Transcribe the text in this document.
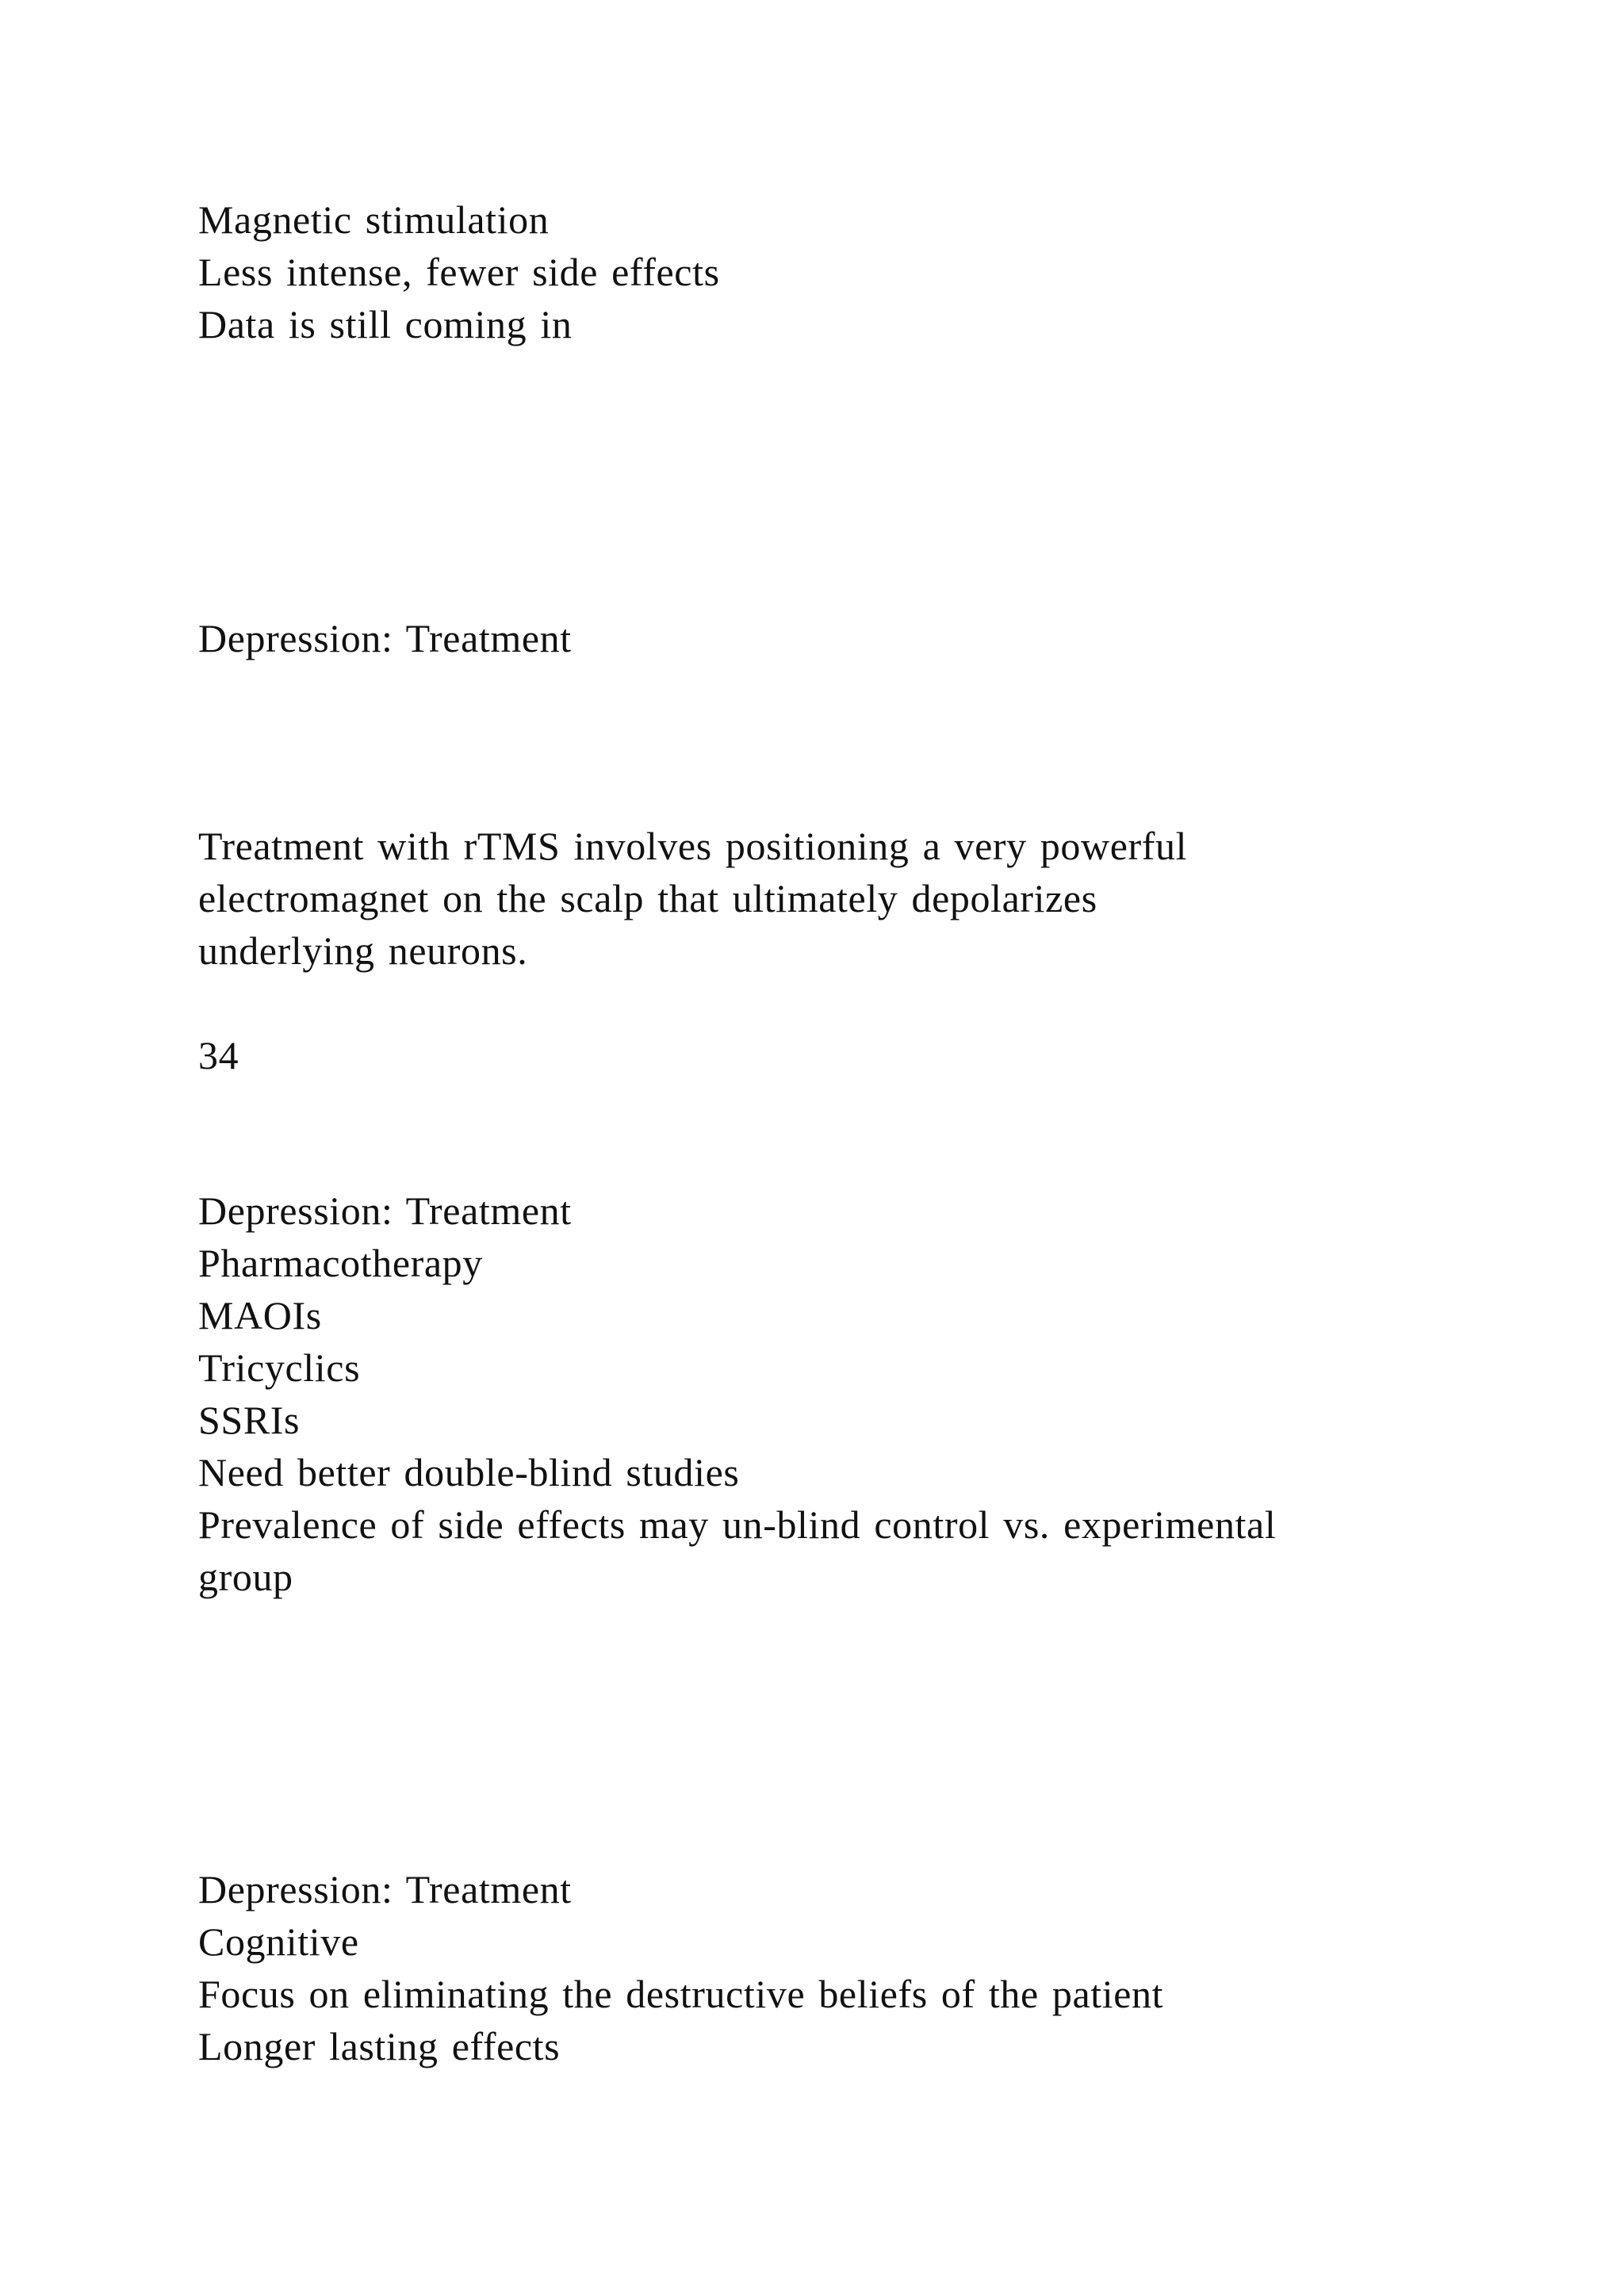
Magnetic stimulation
Less intense, fewer side effects
Data is still coming in
Depression: Treatment
Treatment with rTMS involves positioning a very powerful
electromagnet on the scalp that ultimately depolarizes
underlying neurons.
34
Depression: Treatment
Pharmacotherapy
MAOIs
Tricyclics
SSRIs
Need better double-blind studies
Prevalence of side effects may un-blind control vs. experimental
group
Depression: Treatment
Cognitive
Focus on eliminating the destructive beliefs of the patient
Longer lasting effects
